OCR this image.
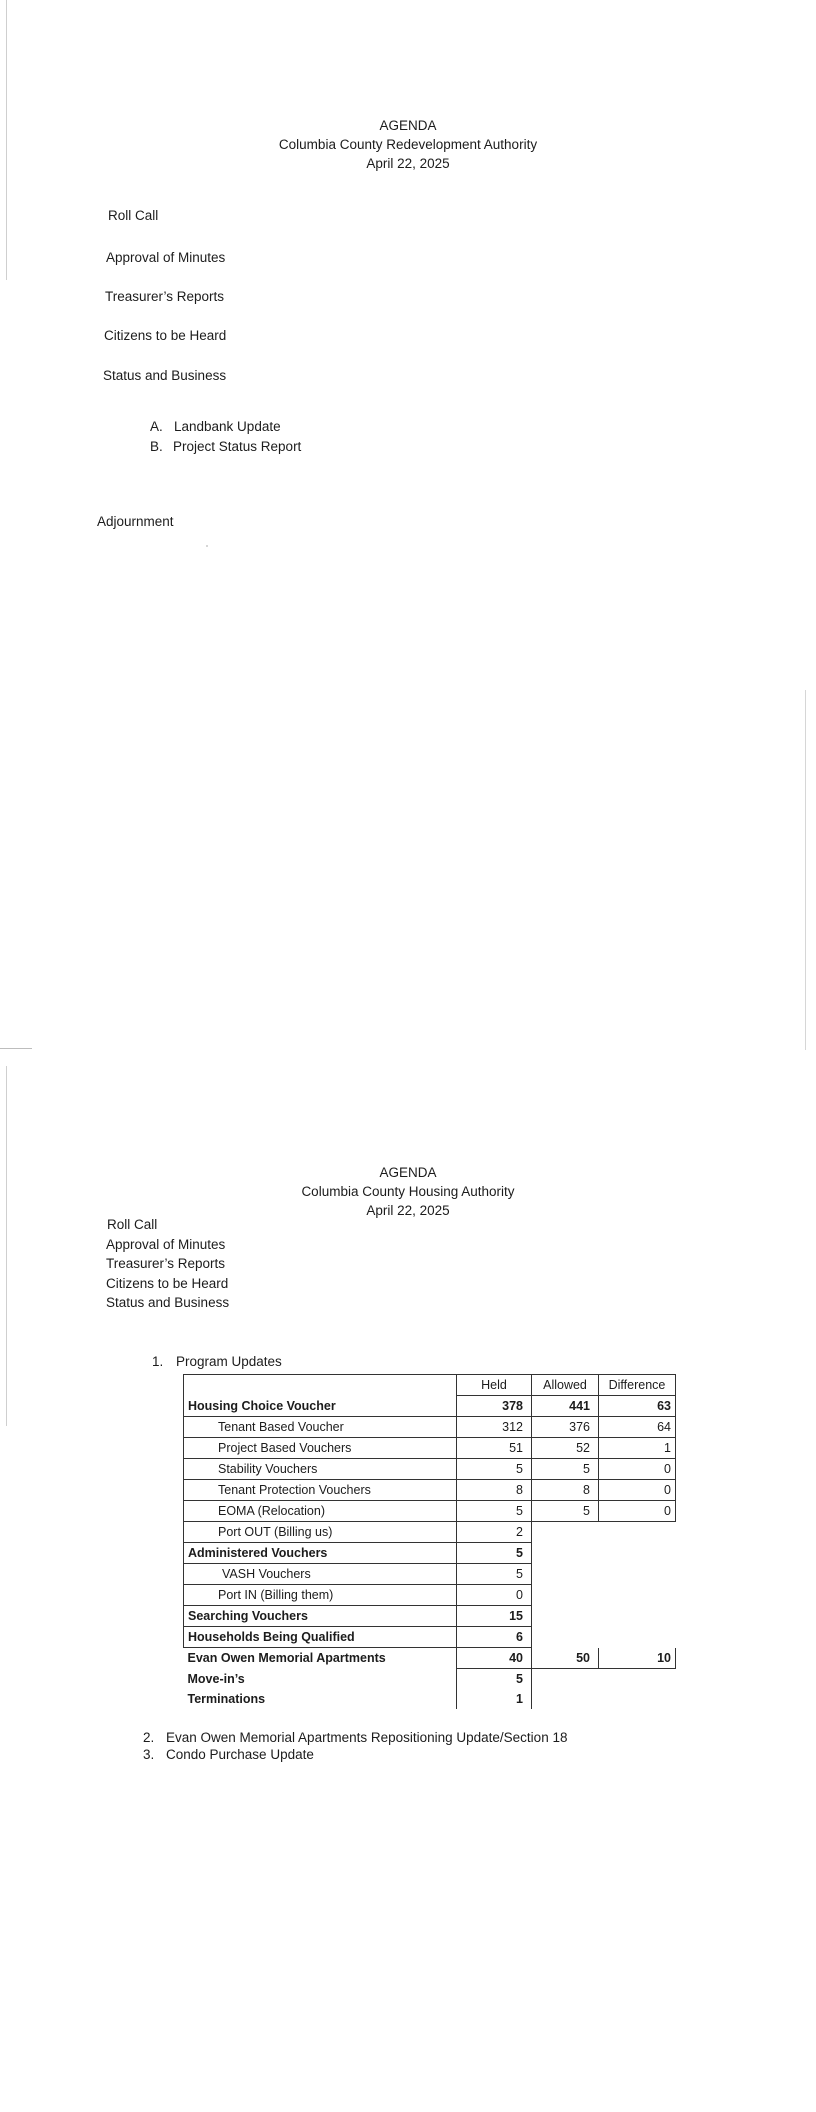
AGENDA
Columbia County Redevelopment Authority
April 22, 2025
Roll Call
Approval of Minutes
Treasurer’s Reports
Citizens to be Heard
Status and Business
A. Landbank Update
B. Project Status Report
Adjournment
AGENDA
Columbia County Housing Authority
April 22, 2025
Roll Call
Approval of Minutes
Treasurer’s Reports
Citizens to be Heard
Status and Business
1. Program Updates
2. Evan Owen Memorial Apartments Repositioning Update/Section 18
3. Condo Purchase Update
	Held	Allowed	Difference
Housing Choice Voucher	378	441	63
Tenant Based Voucher	312	376	64
Project Based Vouchers	51	52	1
Stability Vouchers	5	5	0
Tenant Protection Vouchers	8	8	0
EOMA (Relocation)	5	5	0
Port OUT (Billing us)	2		
Administered Vouchers	5		
VASH Vouchers	5		
Port IN (Billing them)	0		
Searching Vouchers	15		
Households Being Qualified	6		
Evan Owen Memorial Apartments	40	50	10
Move-in’s	5		
Terminations	1		
